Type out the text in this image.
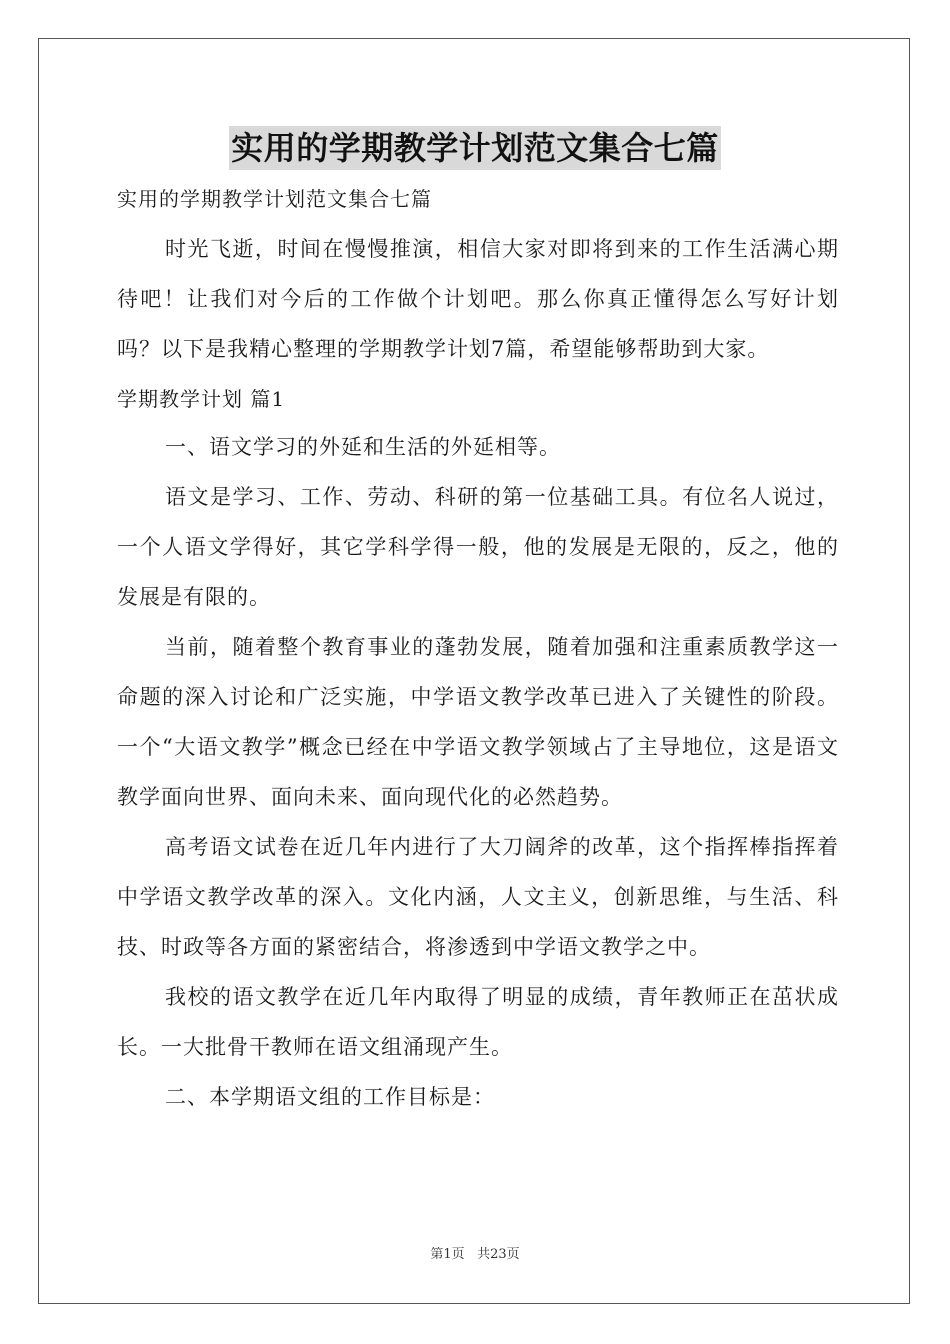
实用的学期教学计划范文集合七篇

实用的学期教学计划范文集合七篇

时光飞逝，时间在慢慢推演，相信大家对即将到来的工作生活满心期待吧！让我们对今后的工作做个计划吧。那么你真正懂得怎么写好计划吗？以下是我精心整理的学期教学计划7篇，希望能够帮助到大家。

学期教学计划 篇1

一、语文学习的外延和生活的外延相等。

语文是学习、工作、劳动、科研的第一位基础工具。有位名人说过，一个人语文学得好，其它学科学得一般，他的发展是无限的，反之，他的发展是有限的。

当前，随着整个教育事业的蓬勃发展，随着加强和注重素质教学这一命题的深入讨论和广泛实施，中学语文教学改革已进入了关键性的阶段。一个“大语文教学”概念已经在中学语文教学领域占了主导地位，这是语文教学面向世界、面向未来、面向现代化的必然趋势。

高考语文试卷在近几年内进行了大刀阔斧的改革，这个指挥棒指挥着中学语文教学改革的深入。文化内涵，人文主义，创新思维，与生活、科技、时政等各方面的紧密结合，将渗透到中学语文教学之中。

我校的语文教学在近几年内取得了明显的成绩，青年教师正在茁状成长。一大批骨干教师在语文组涌现产生。

二、本学期语文组的工作目标是：

第1页 共23页
